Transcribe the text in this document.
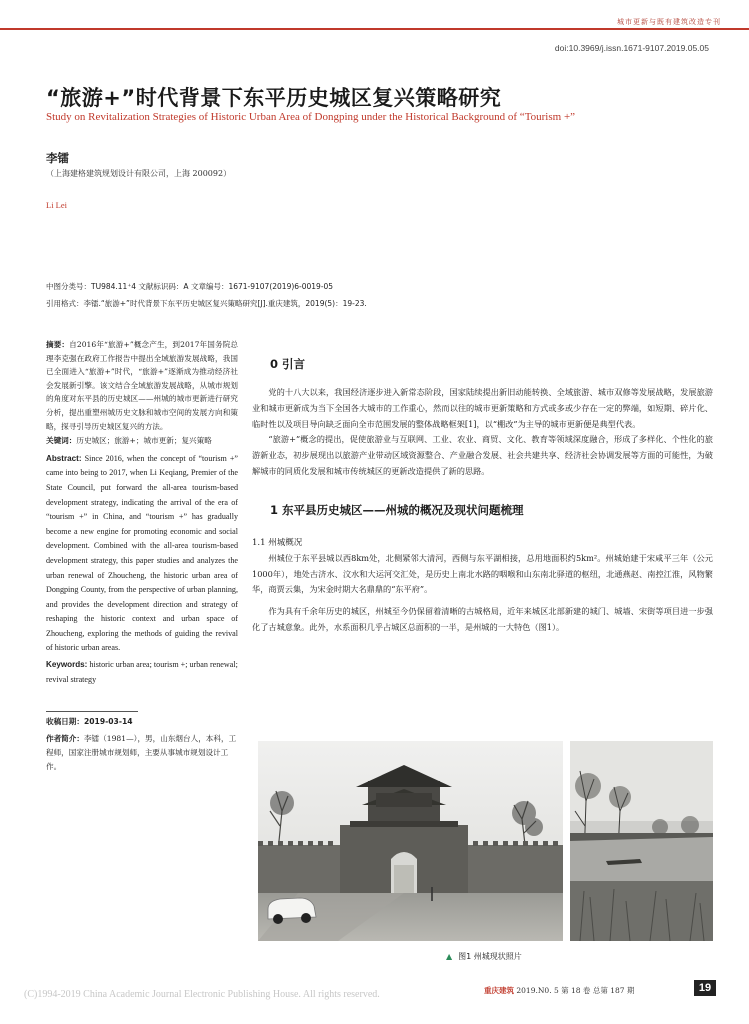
城市更新与既有建筑改造专刊
doi:10.3969/j.issn.1671-9107.2019.05.05
“旅游+”时代背景下东平历史城区复兴策略研究
Study on Revitalization Strategies of Historic Urban Area of Dongping under the Historical Background of “Tourism +”
李镭
（上海建格建筑规划设计有限公司，上海 200092）
Li Lei
中图分类号：TU984.11⁺4 文献标识码：A 文章编号：1671-9107(2019)6-0019-05
引用格式：李镭.“旅游+”时代背景下东平历史城区复兴策略研究[J].重庆建筑，2019(5)：19-23.

摘要：自2016年“旅游+”概念产生，到2017年国务院总理李克强在政府工作报告中提出全域旅游发展战略，我国已全面进入“旅游+”时代，“旅游+”逐渐成为推动经济社会发展新引擎。该文结合全域旅游发展战略，从城市规划的角度对东平县的历史城区——州城的城市更新进行研究分析，提出重塑州城历史文脉和城市空间的发展方向和策略，探寻引导历史城区复兴的方法。

关键词：历史城区；旅游+；城市更新；复兴策略

Abstract: Since 2016, when the concept of “tourism +” came into being to 2017, when Li Keqiang, Premier of the State Council, put forward the all-area tourism-based development strategy, indicating the arrival of the era of “tourism +” in China, and “tourism +” has gradually become a new engine for promoting economic and social development. Combined with the all-area tourism-based development strategy, this paper studies and analyzes the urban renewal of Zhoucheng, the historic urban area of Dongping County, from the perspective of urban planning, and provides the development direction and strategy of reshaping the historic context and urban space of Zhoucheng, exploring the methods of guiding the revival of historic urban areas.

Keywords: historic urban area; tourism +; urban renewal; revival strategy

收稿日期：2019-03-14

作者简介：李镭（1981—），男，山东烟台人，本科，工程师，国家注册城市规划师，主要从事城市规划设计工作。

0 引言

党的十八大以来，我国经济逐步进入新常态阶段，国家陆续提出新旧动能转换、全域旅游、城市双修等发展战略，发展旅游业和城市更新成为当下全国各大城市的工作重心，然而以往的城市更新策略和方式或多或少存在一定的弊端，如短期、碎片化、临时性以及项目导向缺乏面向全市范围发展的整体战略框架[1]，以“棚改”为主导的城市更新便是典型代表。

“旅游+”概念的提出，促使旅游业与互联网、工业、农业、商贸、文化、教育等领域深度融合，形成了多样化、个性化的旅游新业态，初步展现出以旅游产业带动区域资源整合、产业融合发展、社会共建共享、经济社会协调发展等方面的可能性，为破解城市的同质化发展和城市传统城区的更新改造提供了新的思路。

1 东平县历史城区——州城的概况及现状问题梳理

1.1 州城概况

州城位于东平县城以西8km处，北侧紧邻大清河，西侧与东平湖相接，总用地面积约5km²。州城始建于宋咸平三年（公元1000年），地处古济水、汶水和大运河交汇处，是历史上南北水路的咽喉和山东南北驿道的枢纽，北通燕赵、南控江淮，风物繁华，商贾云集，为宋金时期大名鼎鼎的“东平府”。

作为具有千余年历史的城区，州城至今仍保留着清晰的古城格局，近年来城区北部新建的城门、城墙、宋街等项目进一步强化了古城意象。此外，水系面积几乎占城区总面积的一半，是州城的一大特色（图1）。

▲ 图1 州城现状照片
(C)1994-2019 China Academic Journal Electronic Publishing House. All rights reserved.	重庆建筑 2019.N0. 5 第 18 卷 总第 187 期	19
